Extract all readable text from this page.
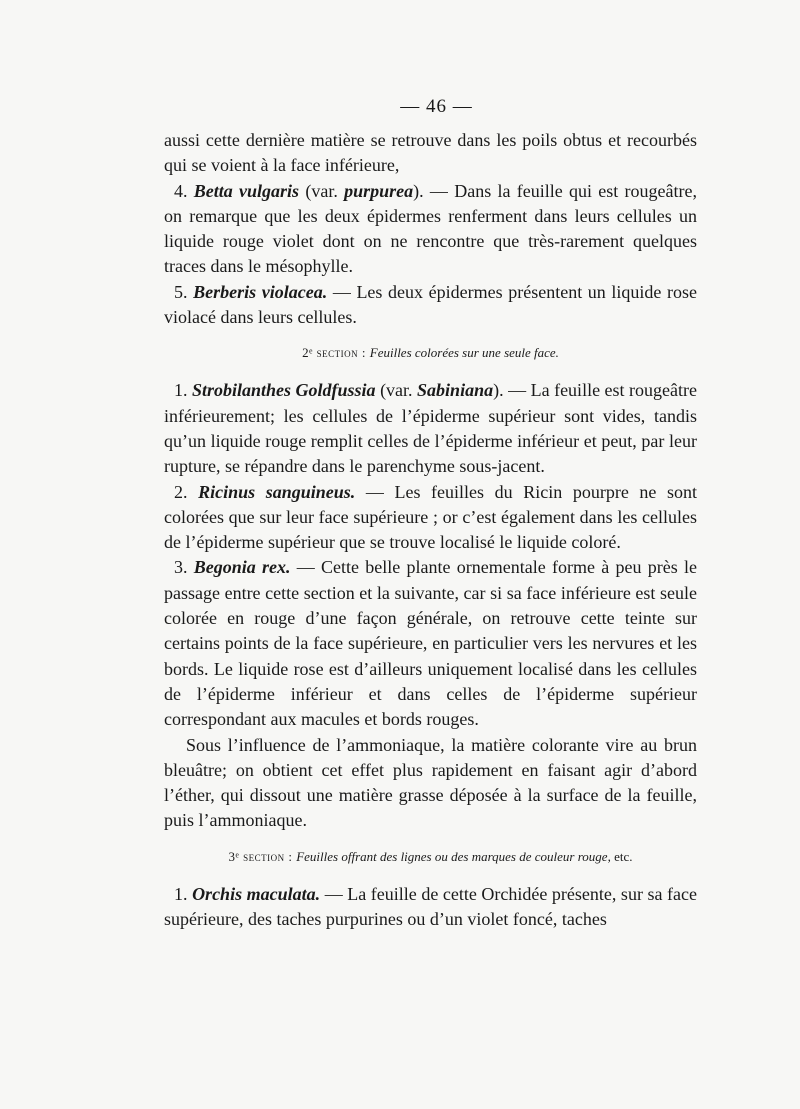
— 46 —

aussi cette dernière matière se retrouve dans les poils obtus et recourbés qui se voient à la face inférieure,

4. Betta vulgaris (var. purpurea). — Dans la feuille qui est rougeâtre, on remarque que les deux épidermes renferment dans leurs cellules un liquide rouge violet dont on ne rencontre que très-rarement quelques traces dans le mésophylle.

5. Berberis violacea. — Les deux épidermes présentent un liquide rose violacé dans leurs cellules.

2ᵉ section : Feuilles colorées sur une seule face.

1. Strobilanthes Goldfussia (var. Sabiniana). — La feuille est rougeâtre inférieurement; les cellules de l’épiderme supérieur sont vides, tandis qu’un liquide rouge remplit celles de l’épiderme inférieur et peut, par leur rupture, se répandre dans le parenchyme sous-jacent.

2. Ricinus sanguineus. — Les feuilles du Ricin pourpre ne sont colorées que sur leur face supérieure ; or c’est également dans les cellules de l’épiderme supérieur que se trouve localisé le liquide coloré.

3. Begonia rex. — Cette belle plante ornementale forme à peu près le passage entre cette section et la suivante, car si sa face inférieure est seule colorée en rouge d’une façon générale, on retrouve cette teinte sur certains points de la face supérieure, en particulier vers les nervures et les bords. Le liquide rose est d’ailleurs uniquement localisé dans les cellules de l’épiderme inférieur et dans celles de l’épiderme supérieur correspondant aux macules et bords rouges.

Sous l’influence de l’ammoniaque, la matière colorante vire au brun bleuâtre; on obtient cet effet plus rapidement en faisant agir d’abord l’éther, qui dissout une matière grasse déposée à la surface de la feuille, puis l’ammoniaque.

3ᵉ section : Feuilles offrant des lignes ou des marques de couleur rouge, etc.

1. Orchis maculata. — La feuille de cette Orchidée présente, sur sa face supérieure, des taches purpurines ou d’un violet foncé, taches
